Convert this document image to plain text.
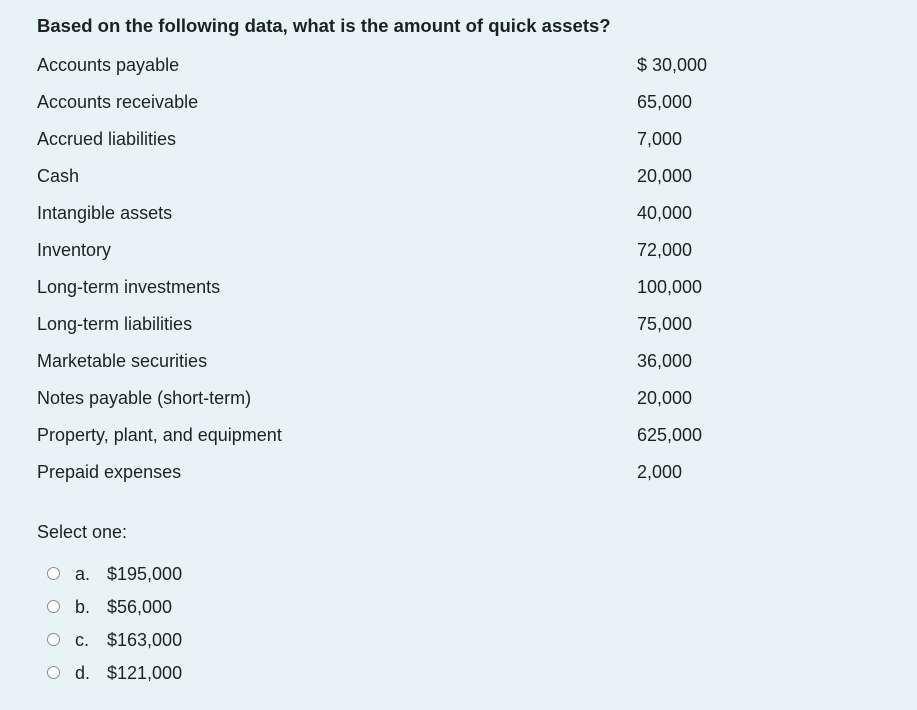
Based on the following data, what is the amount of quick assets?
Accounts payable	$ 30,000
Accounts receivable	65,000
Accrued liabilities	7,000
Cash	20,000
Intangible assets	40,000
Inventory	72,000
Long-term investments	100,000
Long-term liabilities	75,000
Marketable securities	36,000
Notes payable (short-term)	20,000
Property, plant, and equipment	625,000
Prepaid expenses	2,000
Select one:
a. $195,000
b. $56,000
c. $163,000
d. $121,000
